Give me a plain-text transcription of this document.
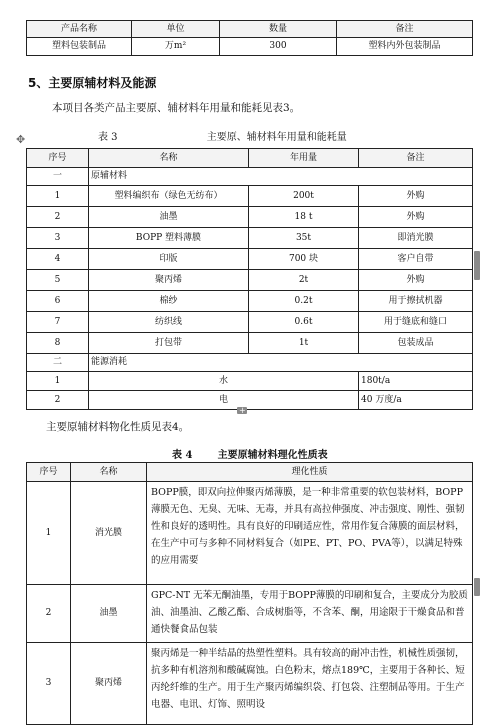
产品名称	单位	数量	备注
塑料包装制品	万m²	300	塑料内外包装制品
5、主要原辅材料及能源
本项目各类产品主要原、辅材料年用量和能耗见表3。
表 3	主要原、辅材料年用量和能耗量
✥
序号	名称	年用量	备注
一	原辅材料		
1	塑料编织布（绿色无纺布）	200t	外购
2	油墨	18 t	外购
3	BOPP 塑料薄膜	35t	即消光膜
4	印版	700 块	客户自带
5	聚丙烯	2t	外购
6	棉纱	0.2t	用于擦拭机器
7	纺织线	0.6t	用于缝底和缝口
8	打包带	1t	包装成品
二	能源消耗		
1	水		180t/a
2	电		40 万度/a
+
主要原辅材料物化性质见表4。
表 4	主要原辅材料理化性质表
序号	名称	理化性质
1	消光膜	BOPP膜，即双向拉伸聚丙烯薄膜，是一种非常重要的软包装材料，BOPP薄膜无色、无臭、无味、无毒，并具有高拉伸强度、冲击强度、刚性、强韧性和良好的透明性。具有良好的印刷适应性，常用作复合薄膜的面层材料，在生产中可与多种不同材料复合（如PE、PT、PO、PVA等），以满足特殊的应用需要
2	油墨	GPC-NT 无苯无酮油墨，专用于BOPP薄膜的印刷和复合，主要成分为胶质油、油墨油、乙酸乙酯、合成树脂等，不含苯、酮，用途限于干燥食品和普通快餐食品包装
3	聚丙烯	聚丙烯是一种半结晶的热塑性塑料。具有较高的耐冲击性，机械性质强韧，抗多种有机溶剂和酸碱腐蚀。白色粉末，熔点189℃，主要用于各种长、短丙纶纤维的生产。用于生产聚丙烯编织袋、打包袋、注塑制品等用。于生产电器、电讯、灯饰、照明设
